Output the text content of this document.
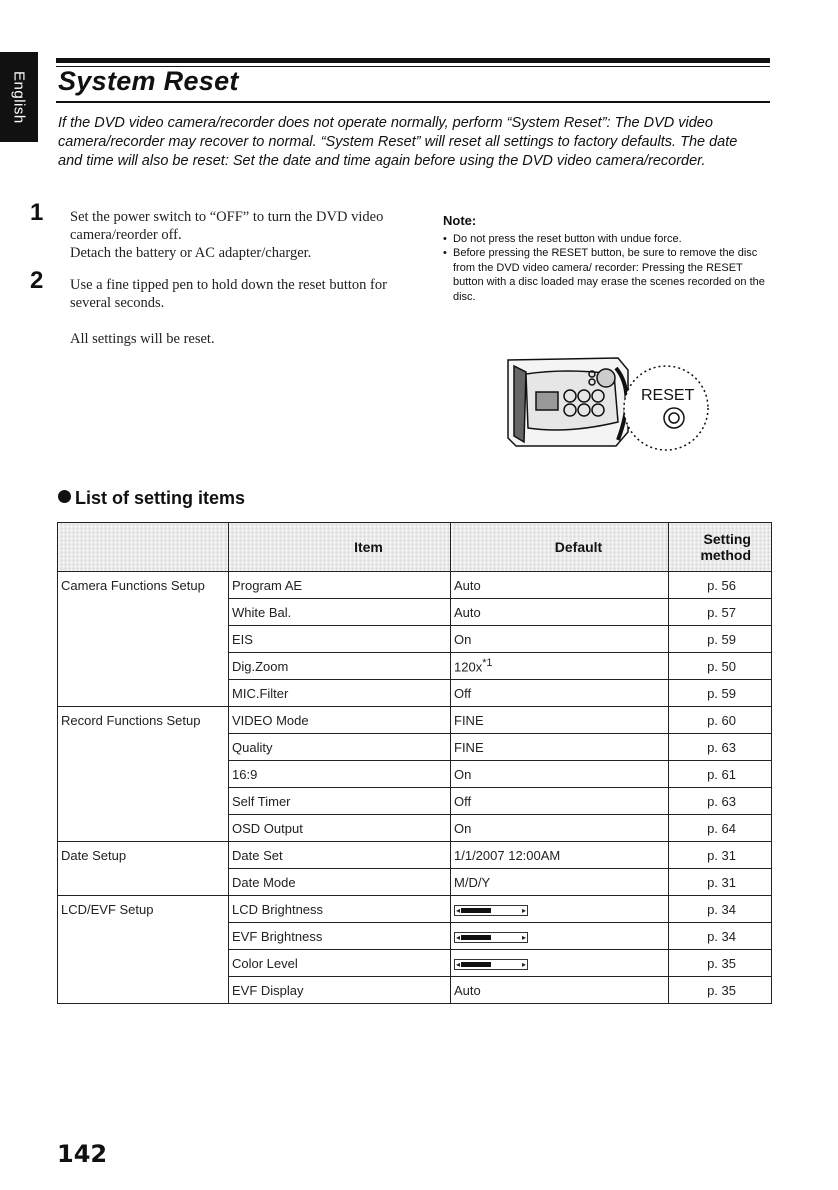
English System Reset
If the DVD video camera/recorder does not operate normally, perform “System Reset”: The DVD video camera/recorder may recover to normal. “System Reset” will reset all settings to factory defaults. The date and time will also be reset: Set the date and time again before using the DVD video camera/recorder.
1 Set the power switch to “OFF” to turn the DVD video camera/reorder off.

Detach the battery or AC adapter/charger.

2 Use a fine tipped pen to hold down the reset button for several seconds.

All settings will be reset.

Note:

• Do not press the reset button with undue force.

• Before pressing the RESET button, be sure to remove the disc from the DVD video camera/ recorder: Pressing the RESET button with a disc loaded may erase the scenes recorded on the disc.

RESET
List of setting items
	Item	Default	Setting
method
Camera Functions Setup	Program AE	Auto	p. 56
	White Bal.	Auto	p. 57
	EIS	On	p. 59
	Dig.Zoom	$120x^{*1}$	p. 50
	MIC.Filter	Off	p. 59
Record Functions Setup	VIDEO Mode	FINE	p. 60
	Quality	FINE	p. 63
	16:9	On	p. 61
	Self Timer	Off	p. 63
	OSD Output	On	p. 64
Date Setup	Date Set	1/1/2007 12:00AM	p. 31
	Date Mode	M/D/Y	p. 31
LCD/EVF Setup	LCD Brightness	◂ ▸	p. 34
	EVF Brightness	◂ ▸	p. 34
	Color Level	◂ ▸	p. 35
	EVF Display	Auto	p. 35
142
